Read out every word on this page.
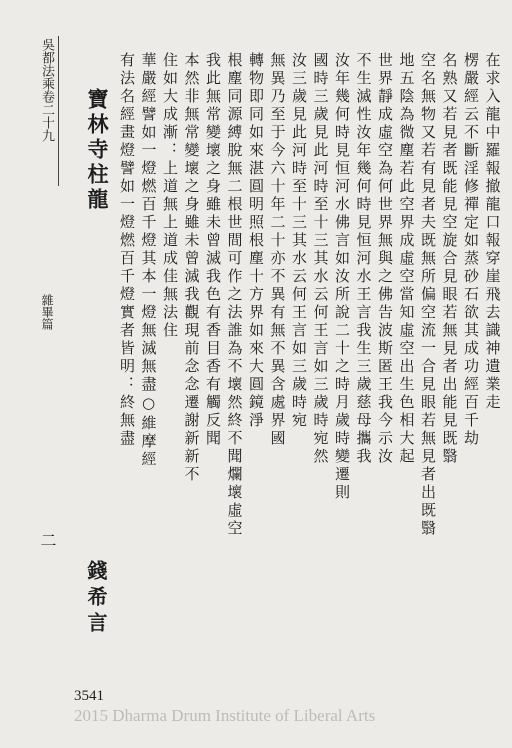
吳都法乘卷二十九
雜畢篇
二
寶林寺柱龍
錢希言
有法名經畫燈譬如一燈燃百千燈實者皆明：終無盡 華嚴經譬如一燈燃百千燈其本一燈無滅無盡○維摩經 住如大成漸：上道無上道成佳無法住 本然非無常變壞之身雖未曾滅我觀現前念念遷謝新新不 我此無常變壞之身雖未曾滅我色有香目香有觸反聞 根塵同源縛脫無二根世間可作之法誰為不壞然終不聞爛壞虛空 轉物即同如來湛圓明照根塵十方界如來大圓鏡淨 無異乃至于今六十年二十亦不異有無不異含處界國 汝三歲見此河時至十三其水云何王言如三歲時宛 國時三歲見此河時至十三其水云何王言如三歲時宛然 汝年幾何時見恒河水佛言如汝所說二十之時月歲時變遷則 不生滅性汝年幾何時見恒河水王言我生三歲慈母攜我 世界靜成虛空為何世界無與之佛告波斯匿王我今示汝 地五陰為微塵若此空界成虛空當知虛空出生色相大起 空名無物又若有見者夫既無所偏空流一合見眼若無見者出既翳 名熟又若見者既能見空旋合見眼若無見者出能見既翳 楞嚴經云不斷淫修禪定如蒸砂石欲其成功經百千劫 在求入龍中羅報撤龍口報穿崖飛去識神遺業走
3541
2015 Dharma Drum Institute of Liberal Arts
